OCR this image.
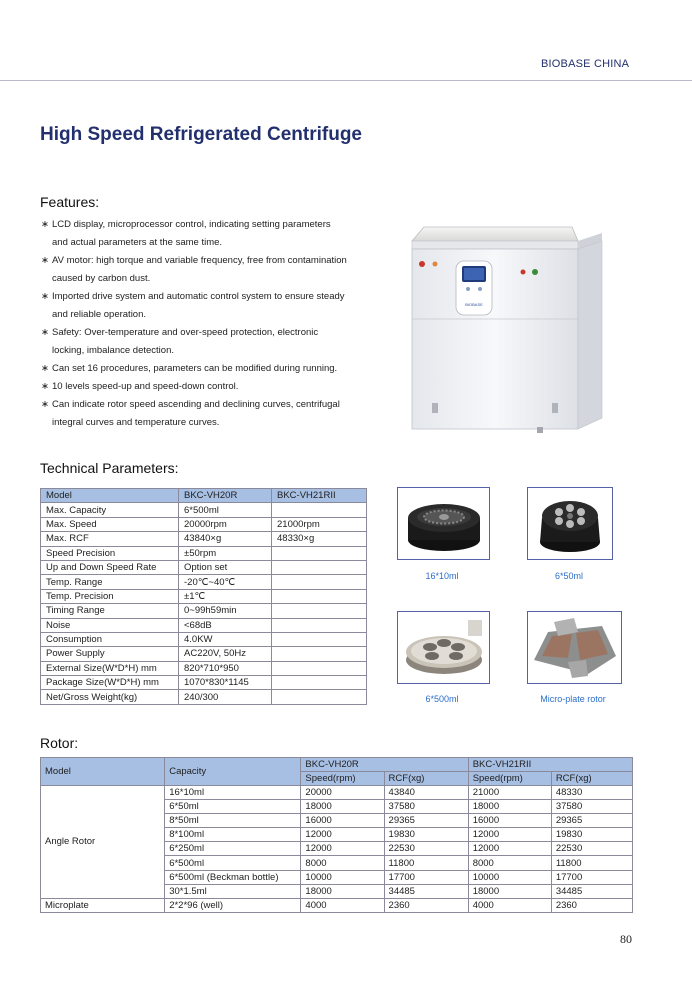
BIOBASE CHINA
High Speed Refrigerated Centrifuge
Features:
∗ LCD display, microprocessor control, indicating setting parameters
and actual parameters at the same time.
∗ AV motor: high torque and variable frequency, free from contamination
caused by carbon dust.
∗ Imported drive system and automatic control system to ensure steady
and reliable operation.
∗ Safety: Over-temperature and over-speed protection, electronic
locking, imbalance detection.
∗ Can set 16 procedures, parameters can be modified during running.
∗ 10 levels speed-up and speed-down control.
∗ Can indicate rotor speed ascending and declining curves, centrifugal
integral curves and temperature curves.
BIOBASE
Technical Parameters:
Model	BKC-VH20R	BKC-VH21RII
Max. Capacity	6*500ml	
Max. Speed	20000rpm	21000rpm
Max. RCF	43840×g	48330×g
Speed Precision	±50rpm	
Up and Down Speed Rate	Option set	
Temp. Range	-20℃~40℃	
Temp. Precision	±1℃	
Timing Range	0~99h59min	
Noise	<68dB	
Consumption	4.0KW	
Power Supply	AC220V, 50Hz	
External Size(W*D*H) mm	820*710*950	
Package Size(W*D*H) mm	1070*830*1145	
Net/Gross Weight(kg)	240/300	
16*10ml	6*50ml
6*500ml	Micro-plate rotor
Rotor:
Model	Capacity	BKC-VH20R		BKC-VH21RII	
		Speed(rpm)	RCF(xg)	Speed(rpm)	RCF(xg)
Angle Rotor	16*10ml	20000	43840	21000	48330
	6*50ml	18000	37580	18000	37580
	8*50ml	16000	29365	16000	29365
	8*100ml	12000	19830	12000	19830
	6*250ml	12000	22530	12000	22530
	6*500ml	8000	11800	8000	11800
	6*500ml (Beckman bottle)	10000	17700	10000	17700
	30*1.5ml	18000	34485	18000	34485
Microplate	2*2*96 (well)	4000	2360	4000	2360
80
